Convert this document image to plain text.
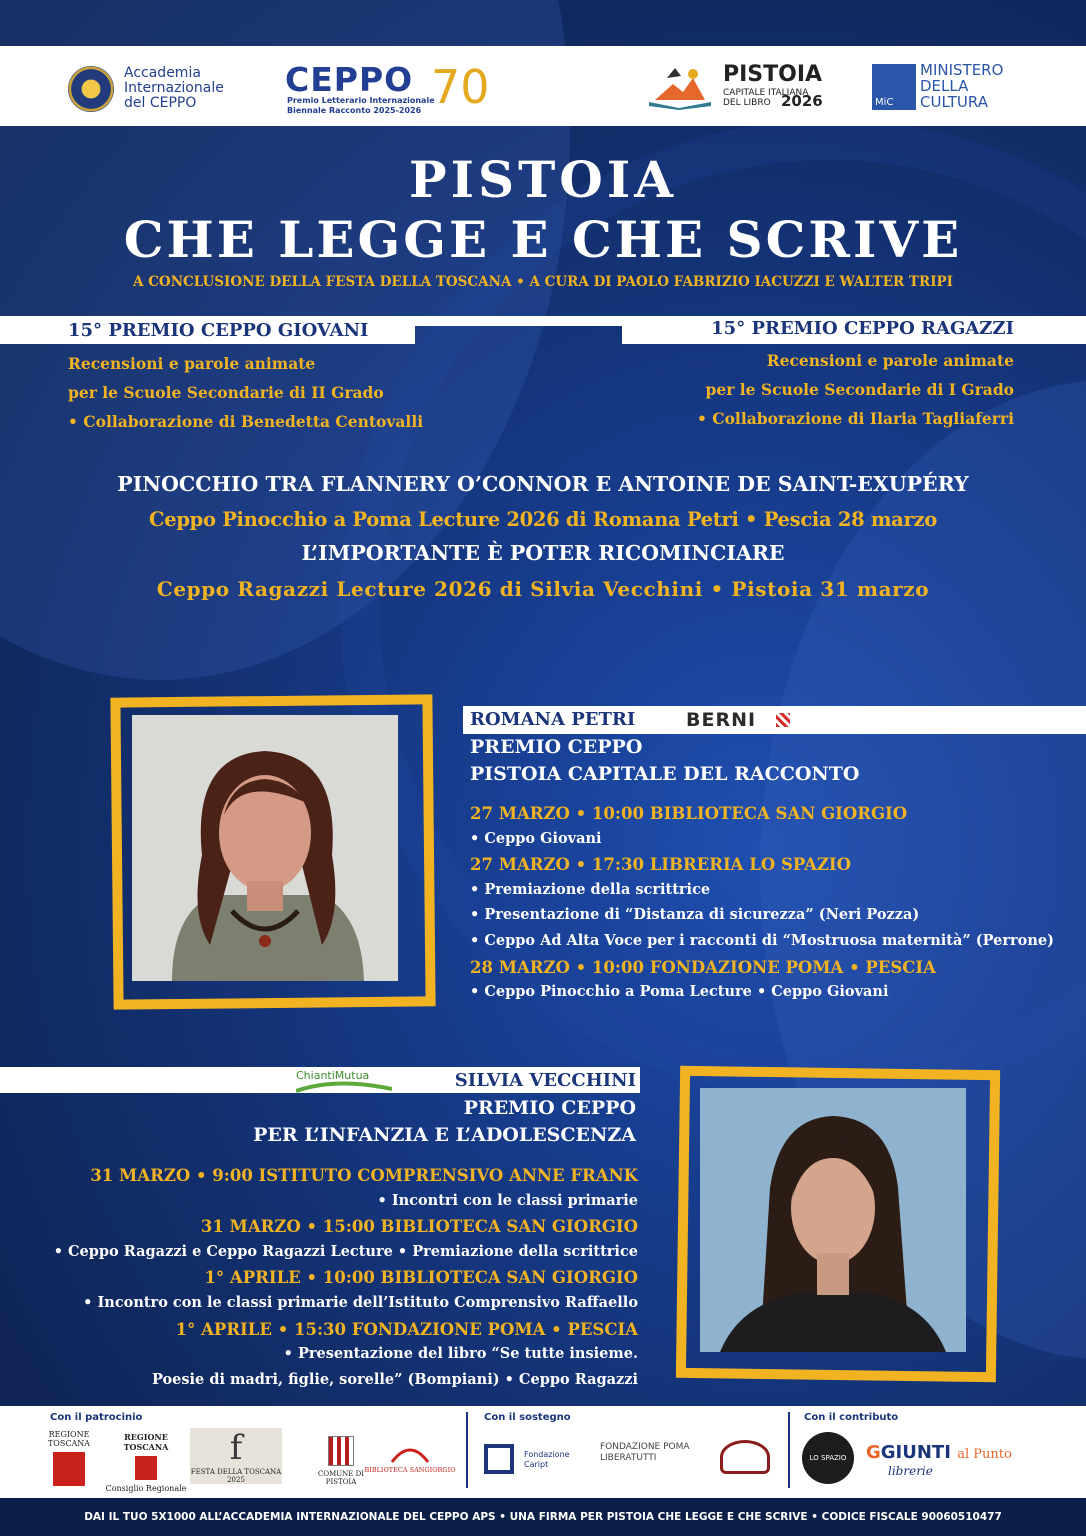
Accademia
Internazionale
del CEPPO
CEPPO 70
Premio Letterario Internazionale
Biennale Racconto 2025-2026
PISTOIA
CAPITALE ITALIANA
DEL LIBRO 2026	MiC
MINISTERO
DELLA
CULTURA
PISTOIA
CHE LEGGE E CHE SCRIVE
A CONCLUSIONE DELLA FESTA DELLA TOSCANA • A CURA DI PAOLO FABRIZIO IACUZZI E WALTER TRIPI
15° PREMIO CEPPO GIOVANI	15° PREMIO CEPPO RAGAZZI
Recensioni e parole animate
per le Scuole Secondarie di II Grado
• Collaborazione di Benedetta Centovalli
Recensioni e parole animate
per le Scuole Secondarie di I Grado
• Collaborazione di Ilaria Tagliaferri
PINOCCHIO TRA FLANNERY O’CONNOR E ANTOINE DE SAINT-EXUPÉRY
Ceppo Pinocchio a Poma Lecture 2026 di Romana Petri • Pescia 28 marzo
L’IMPORTANTE È POTER RICOMINCIARE
Ceppo Ragazzi Lecture 2026 di Silvia Vecchini • Pistoia 31 marzo
ROMANA PETRI	BERNI
PREMIO CEPPO
PISTOIA CAPITALE DEL RACCONTO
27 MARZO • 10:00 BIBLIOTECA SAN GIORGIO
• Ceppo Giovani
27 MARZO • 17:30 LIBRERIA LO SPAZIO
• Premiazione della scrittrice
• Presentazione di “Distanza di sicurezza” (Neri Pozza)
• Ceppo Ad Alta Voce per i racconti di “Mostruosa maternità” (Perrone)
28 MARZO • 10:00 FONDAZIONE POMA • PESCIA
• Ceppo Pinocchio a Poma Lecture • Ceppo Giovani
ChiantiMutua	SILVIA VECCHINI
PREMIO CEPPO
PER L’INFANZIA E L’ADOLESCENZA
31 MARZO • 9:00 ISTITUTO COMPRENSIVO ANNE FRANK
• Incontri con le classi primarie
31 MARZO • 15:00 BIBLIOTECA SAN GIORGIO
• Ceppo Ragazzi e Ceppo Ragazzi Lecture • Premiazione della scrittrice
1° APRILE • 10:00 BIBLIOTECA SAN GIORGIO
• Incontro con le classi primarie dell’Istituto Comprensivo Raffaello
1° APRILE • 15:30 FONDAZIONE POMA • PESCIA
• Presentazione del libro “Se tutte insieme.
Poesie di madri, figlie, sorelle” (Bompiani) • Ceppo Ragazzi
Con il patrocinio	Con il sostegno	Con il contributo
REGIONE TOSCANA
REGIONE TOSCANA
Consiglio Regionale
f
FESTA DELLA TOSCANA 2025
COMUNE DI PISTOIA
BIBLIOTECA SANGIORGIO
Fondazione Caript
FONDAZIONE POMA LIBERATUTTI	LO SPAZIO	GGIUNTI al Punto
librerie
DAI IL TUO 5X1000 ALL’ACCADEMIA INTERNAZIONALE DEL CEPPO APS • UNA FIRMA PER PISTOIA CHE LEGGE E CHE SCRIVE • CODICE FISCALE 90060510477
